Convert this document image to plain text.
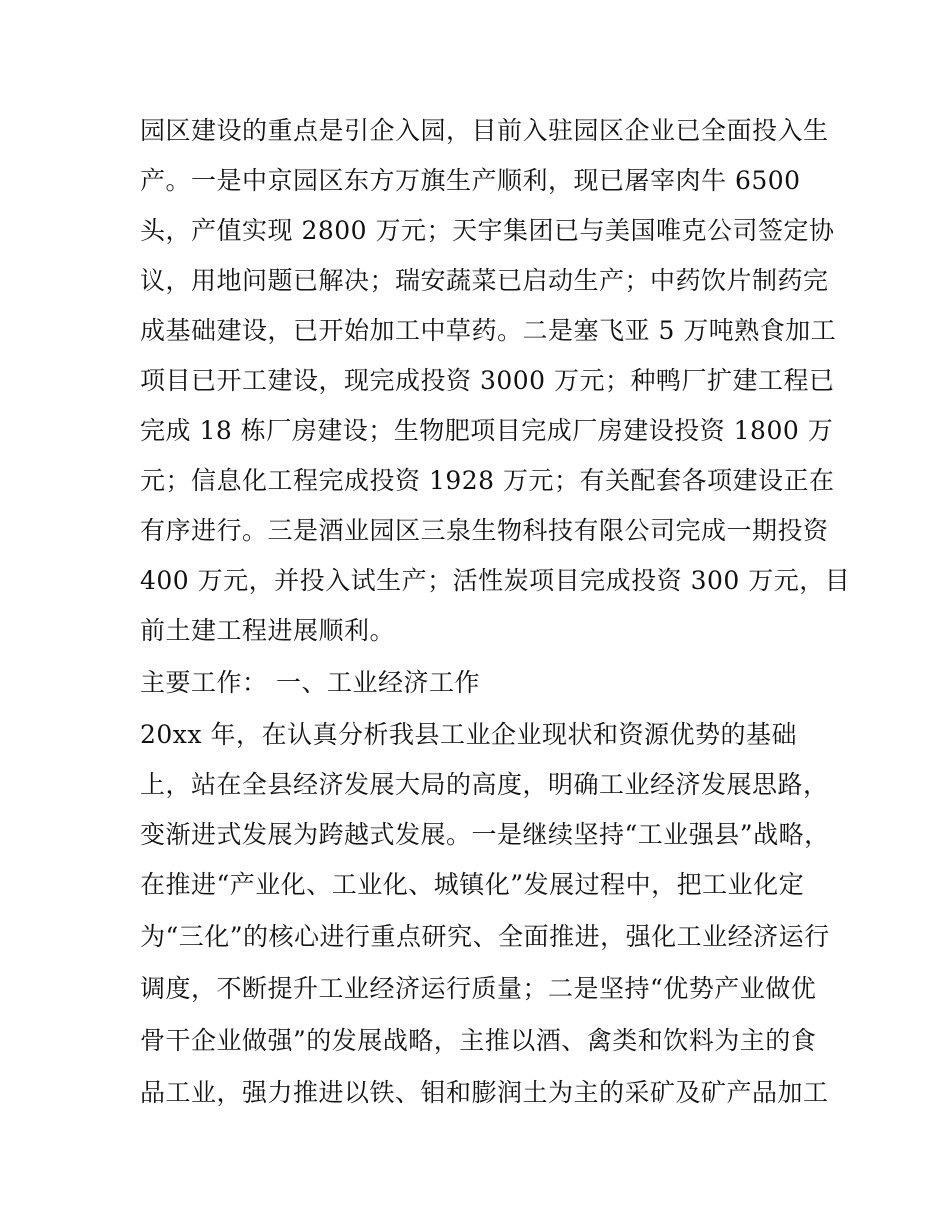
园区建设的重点是引企入园，目前入驻园区企业已全面投入生
产。一是中京园区东方万旗生产顺利，现已屠宰肉牛 6500
头，产值实现 2800 万元；天宇集团已与美国唯克公司签定协
议，用地问题已解决；瑞安蔬菜已启动生产；中药饮片制药完
成基础建设，已开始加工中草药。二是塞飞亚 5 万吨熟食加工
项目已开工建设，现完成投资 3000 万元；种鸭厂扩建工程已
完成 18 栋厂房建设；生物肥项目完成厂房建设投资 1800 万
元；信息化工程完成投资 1928 万元；有关配套各项建设正在
有序进行。三是酒业园区三泉生物科技有限公司完成一期投资
400 万元，并投入试生产；活性炭项目完成投资 300 万元，目
前土建工程进展顺利。
主要工作： 一、工业经济工作
20xx 年，在认真分析我县工业企业现状和资源优势的基础
上，站在全县经济发展大局的高度，明确工业经济发展思路，
变渐进式发展为跨越式发展。一是继续坚持“工业强县”战略，
在推进“产业化、工业化、城镇化”发展过程中，把工业化定
为“三化”的核心进行重点研究、全面推进，强化工业经济运行
调度，不断提升工业经济运行质量；二是坚持“优势产业做优
骨干企业做强”的发展战略，主推以酒、禽类和饮料为主的食
品工业，强力推进以铁、钼和膨润土为主的采矿及矿产品加工
